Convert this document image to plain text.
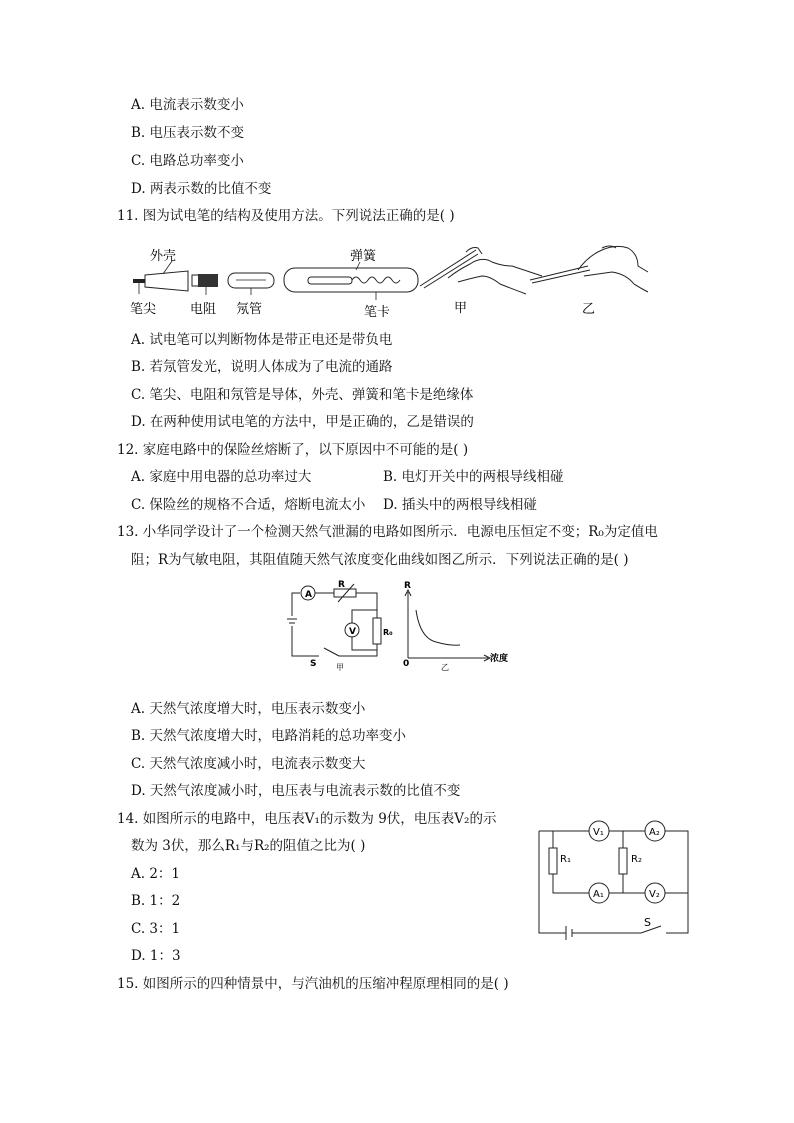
A. 电流表示数变小
B. 电压表示数不变
C. 电路总功率变小
D. 两表示数的比值不变
11. 图为试电笔的结构及使用方法。下列说法正确的是( )
外壳
笔尖	电阻 氖管
弹簧
笔卡	甲	乙
A. 试电笔可以判断物体是带正电还是带负电
B. 若氖管发光，说明人体成为了电流的通路
C. 笔尖、电阻和氖管是导体，外壳、弹簧和笔卡是绝缘体
D. 在两种使用试电笔的方法中，甲是正确的，乙是错误的
12. 家庭电路中的保险丝熔断了，以下原因中不可能的是( )
A. 家庭中用电器的总功率过大	B. 电灯开关中的两根导线相碰
C. 保险丝的规格不合适，熔断电流太小 D. 插头中的两根导线相碰
13. 小华同学设计了一个检测天然气泄漏的电路如图所示．电源电压恒定不变；R₀为定值电
阻；R为气敏电阻，其阻值随天然气浓度变化曲线如图乙所示．下列说法正确的是( )
A
V
R
R₀
S 甲
R
0	浓度
乙
A. 天然气浓度增大时，电压表示数变小
B. 天然气浓度增大时，电路消耗的总功率变小
C. 天然气浓度减小时，电流表示数变大
D. 天然气浓度减小时，电压表与电流表示数的比值不变
14. 如图所示的电路中，电压表V₁的示数为 9伏，电压表V₂的示
数为 3伏，那么R₁与R₂的阻值之比为( )
A. 2：1
B. 1：2
C. 3：1
D. 1：3
V₁	A₂
R₁	R₂
A₁	V₂
S
15. 如图所示的四种情景中，与汽油机的压缩冲程原理相同的是( )
